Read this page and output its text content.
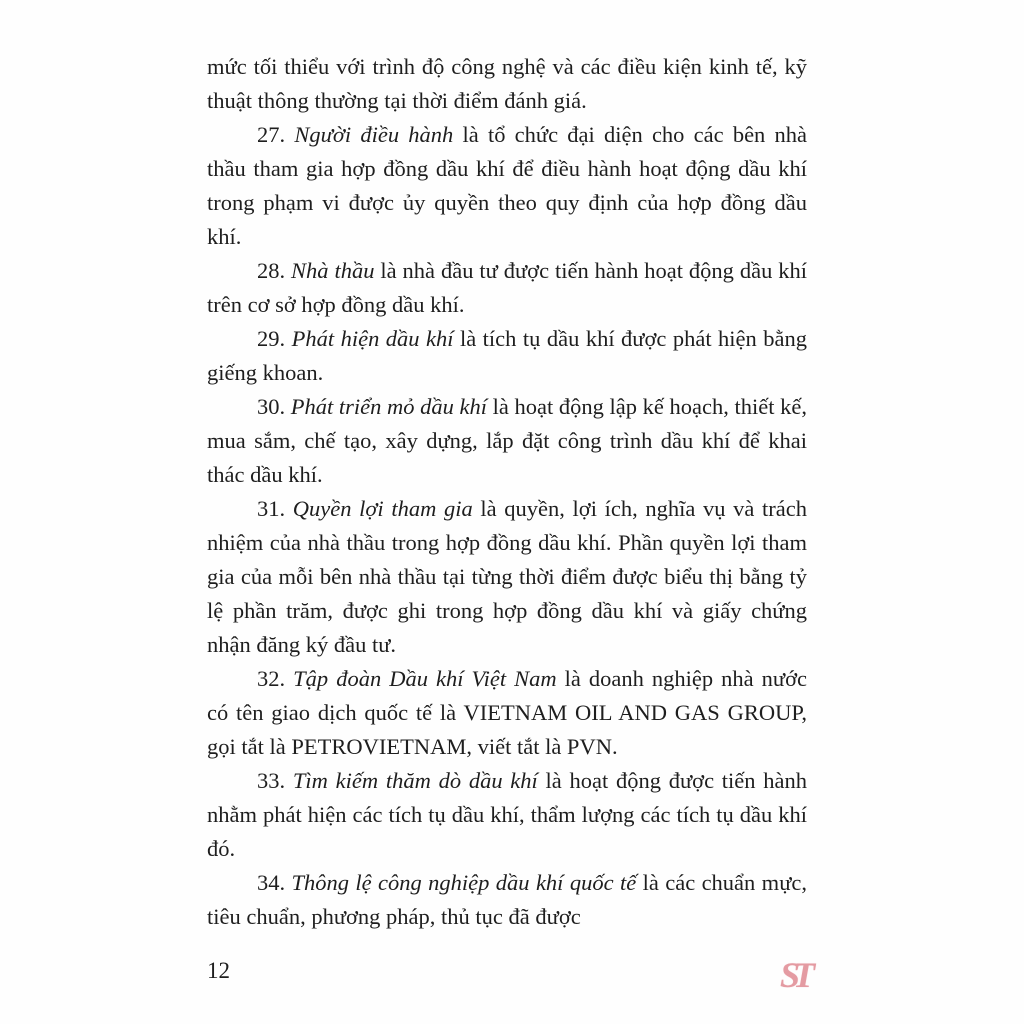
mức tối thiểu với trình độ công nghệ và các điều kiện kinh tế, kỹ thuật thông thường tại thời điểm đánh giá.

27. Người điều hành là tổ chức đại diện cho các bên nhà thầu tham gia hợp đồng dầu khí để điều hành hoạt động dầu khí trong phạm vi được ủy quyền theo quy định của hợp đồng dầu khí.

28. Nhà thầu là nhà đầu tư được tiến hành hoạt động dầu khí trên cơ sở hợp đồng dầu khí.

29. Phát hiện dầu khí là tích tụ dầu khí được phát hiện bằng giếng khoan.

30. Phát triển mỏ dầu khí là hoạt động lập kế hoạch, thiết kế, mua sắm, chế tạo, xây dựng, lắp đặt công trình dầu khí để khai thác dầu khí.

31. Quyền lợi tham gia là quyền, lợi ích, nghĩa vụ và trách nhiệm của nhà thầu trong hợp đồng dầu khí. Phần quyền lợi tham gia của mỗi bên nhà thầu tại từng thời điểm được biểu thị bằng tỷ lệ phần trăm, được ghi trong hợp đồng dầu khí và giấy chứng nhận đăng ký đầu tư.

32. Tập đoàn Dầu khí Việt Nam là doanh nghiệp nhà nước có tên giao dịch quốc tế là VIETNAM OIL AND GAS GROUP, gọi tắt là PETROVIETNAM, viết tắt là PVN.

33. Tìm kiếm thăm dò dầu khí là hoạt động được tiến hành nhằm phát hiện các tích tụ dầu khí, thẩm lượng các tích tụ dầu khí đó.

34. Thông lệ công nghiệp dầu khí quốc tế là các chuẩn mực, tiêu chuẩn, phương pháp, thủ tục đã được

12	ST
